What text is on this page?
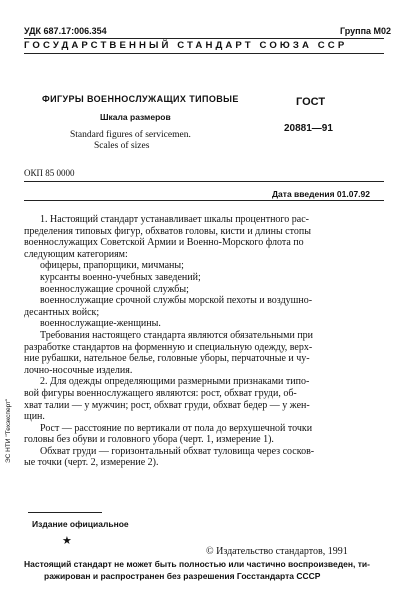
УДК 687.17:006.354	Группа М02
ГОСУДАРСТВЕННЫЙ СТАНДАРТ СОЮЗА ССР
ФИГУРЫ ВОЕННОСЛУЖАЩИХ ТИПОВЫЕ
Шкала размеров
ГОСТ
20881—91
Standard figures of servicemen.
Scales of sizes
ОКП 85 0000
Дата введения 01.07.92
1. Настоящий стандарт устанавливает шкалы процентного рас-
пределения типовых фигур, обхватов головы, кисти и длины стопы
военнослужащих Советской Армии и Военно-Морского флота по
следующим категориям:
офицеры, прапорщики, мичманы;
курсанты военно-учебных заведений;
военнослужащие срочной службы;
военнослужащие срочной службы морской пехоты и воздушно-
десантных войск;
военнослужащие-женщины.
Требования настоящего стандарта являются обязательными при
разработке стандартов на форменную и специальную одежду, верх-
ние рубашки, нательное белье, головные уборы, перчаточные и чу-
лочно-носочные изделия.
2. Для одежды определяющими размерными признаками типо-
вой фигуры военнослужащего являются: рост, обхват груди, об-
хват талии — у мужчин; рост, обхват груди, обхват бедер — у жен-
щин.
Рост — расстояние по вертикали от пола до верхушечной точки
головы без обуви и головного убора (черт. 1, измерение 1).
Обхват груди — горизонтальный обхват туловища через сосков-
ые точки (черт. 2, измерение 2).
ЭС НТИ "Техэксперт"
Издание официальное
★
© Издательство стандартов, 1991
Настоящий стандарт не может быть полностью или частично воспроизведен, ти-
ражирован и распространен без разрешения Госстандарта СССР
